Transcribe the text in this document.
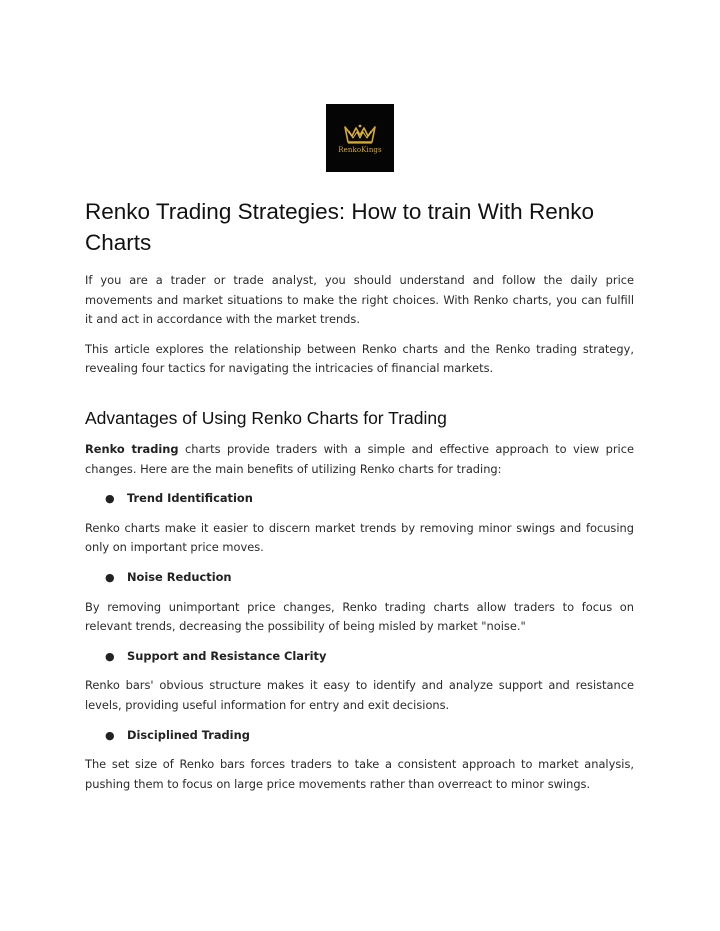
RenkoKings
Renko Trading Strategies: How to train With Renko Charts

If you are a trader or trade analyst, you should understand and follow the daily price movements and market situations to make the right choices. With Renko charts, you can fulfill it and act in accordance with the market trends.

This article explores the relationship between Renko charts and the Renko trading strategy, revealing four tactics for navigating the intricacies of financial markets.

Advantages of Using Renko Charts for Trading

Renko trading charts provide traders with a simple and effective approach to view price changes. Here are the main benefits of utilizing Renko charts for trading:

● Trend Identification

Renko charts make it easier to discern market trends by removing minor swings and focusing only on important price moves.

● Noise Reduction

By removing unimportant price changes, Renko trading charts allow traders to focus on relevant trends, decreasing the possibility of being misled by market "noise."

● Support and Resistance Clarity

Renko bars' obvious structure makes it easy to identify and analyze support and resistance levels, providing useful information for entry and exit decisions.

● Disciplined Trading

The set size of Renko bars forces traders to take a consistent approach to market analysis, pushing them to focus on large price movements rather than overreact to minor swings.
